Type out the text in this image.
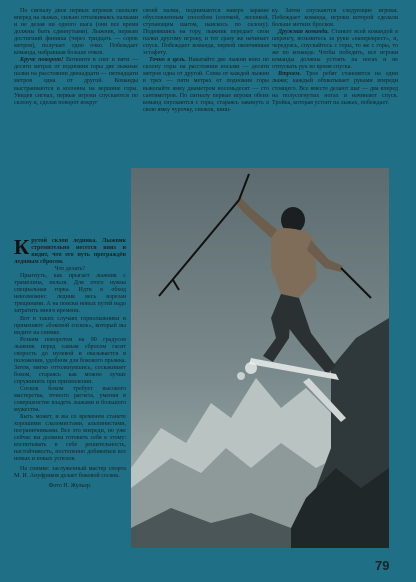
По сигналу двое первых игроков скользят вперед на лыжах, сильно отталкиваясь палками и не делая ни одного шага (они все время должны быть сдвинутыми). Лыжник, первым достигший финиша (через тридцать — сорок метров), получает одно очко. Побеждает команда, набравшая больше очков.

Круче поворот! Воткните в снег в пяти — десяти метрах от подножия горы две лыжные палки на расстоянии двенадцати — пятнадцати метров одна от другой. Команды выстраиваются в колонны на вершине горы. Увидев сигнал, первые игроки спускаются по склону и, сделав поворот вокруг

своей палки, поднимаются наверх заранее обусловленным способом (елочкой, лесенкой, ступающим шагом, наискось по склону). Поднявшись на гору, лыжник передает свои палки другому игроку, и тот сразу же начинает спуск. Побеждает команда, первой окончившая эстафету.

Точно в цель. Накатайте две лыжни вниз по склону горы на расстоянии восьми — десяти метров одна от другой. Слева от каждой лыжни в трех — пяти метрах от подножия горы выкопайте ямку диаметром восемьдесят — сто сантиметров. По сигналу первые игроки обеих команд спускаются с горы, стараясь закинуть в свою ямку чурочку, снежок, шиш-

ку. Затем спускаются следующие игроки. Побеждает команда, игроки которой сделали больше метких бросков.

Дружная команда. Станьте всей командой в шеренгу, возьмитесь за руки «наперекрест», и, чередуясь, спускайтесь с горы, то же с горы, то же по команде. Чтобы победить, все игроки команды должны устоять на ногах и не отпускать рук во время спуска.

Втроем. Трое ребят становятся на одни лыжи; каждый обхватывает руками впереди стоящего. Все вместе делают шаг — два вперед на полусогнутых ногах и начинают спуск. Тройка, которая устоит на лыжах, побеждает.

Крутой склон ледника. Лыжник стремительно несется вниз и видит, что его путь преграждён ледяным сбросом.

Что делать?

Прыгнуть, как прыгает лыжник с трамплина, нельзя. Для этого нужна специальная горка. Идти в обход невозможно: ледник весь изрезан трещинами. А на поиски новых путей надо затратить много времени.

Вот в таких случаях горнолыжники и применяют «боковой соскок», который вы видите на снимке.

Резким поворотом на 90 градусов лыжник перед самым сбросом гасит скорость до нулевой и оказывается в положении, удобном для бокового прыжка. Затем, мягко оттолкнувшись, соскакивает боком, стараясь как можно лучше спружинить при приземлении.

Соскок боком требует высокого мастерства, точного расчета, умения в совершенстве владеть лыжами и большого мужества.

Быть может, и вы со временем станете хорошими слаломистами, альпинистами, пограничниками. Все это впереди, но уже сейчас вы должны готовить себя к этому: воспитывать в себе решительность, настойчивость, постепенно добиваться все новых и новых успехов.

На снимке: заслуженный мастер спорта М. И. Ануфриков делает боковой соскок.

Фото Н. Жульер.

79
